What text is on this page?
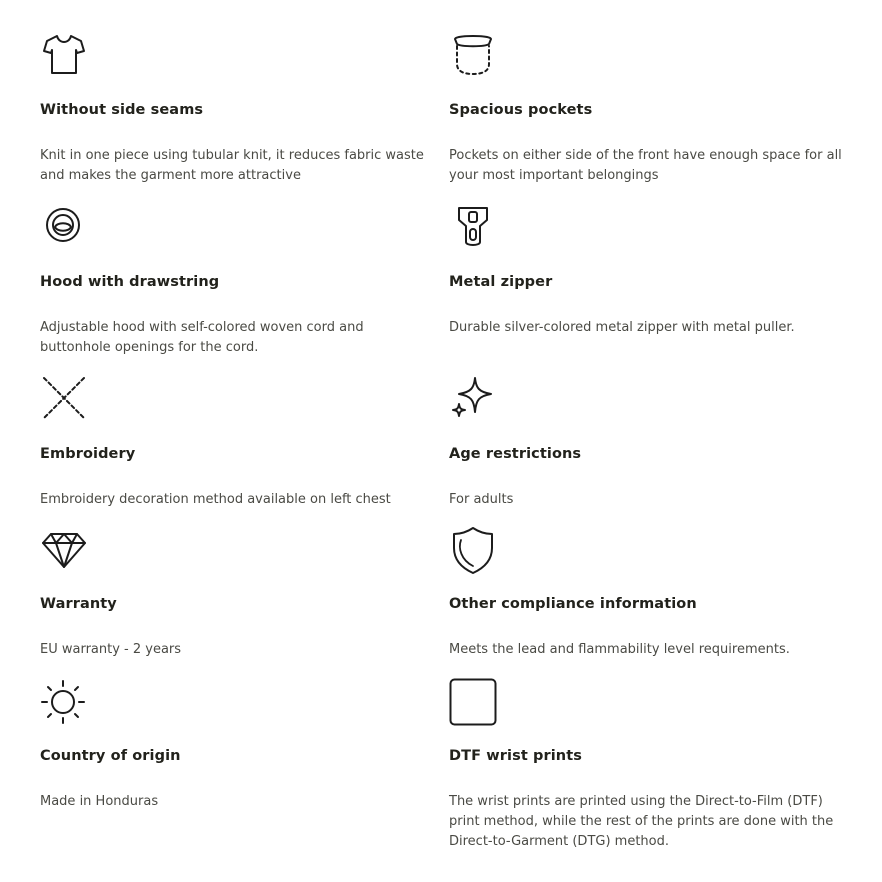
Without side seams
Knit in one piece using tubular knit, it reduces fabric waste and makes the garment more attractive
Spacious pockets
Pockets on either side of the front have enough space for all your most important belongings
Hood with drawstring
Adjustable hood with self-colored woven cord and buttonhole openings for the cord.
Metal zipper
Durable silver-colored metal zipper with metal puller.
Embroidery
Embroidery decoration method available on left chest
Age restrictions
For adults
Warranty
EU warranty - 2 years
Other compliance information
Meets the lead and flammability level requirements.
Country of origin
Made in Honduras
DTF wrist prints
The wrist prints are printed using the Direct-to-Film (DTF) print method, while the rest of the prints are done with the Direct-to-Garment (DTG) method.
